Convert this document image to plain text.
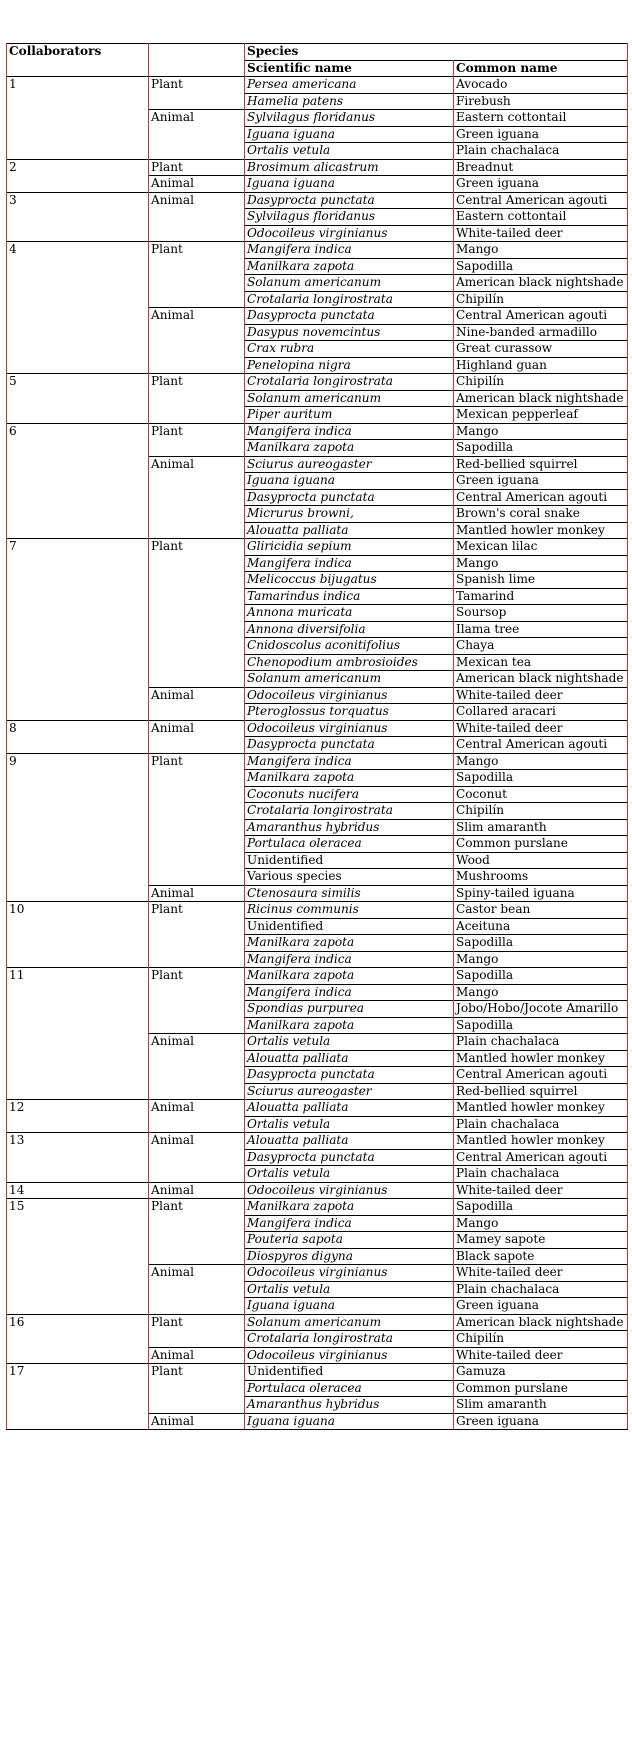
Collaborators		Species	
		Scientific name	Common name
1	Plant	Persea americana	Avocado
		Hamelia patens	Firebush
	Animal	Sylvilagus floridanus	Eastern cottontail
		Iguana iguana	Green iguana
		Ortalis vetula	Plain chachalaca
2	Plant	Brosimum alicastrum	Breadnut
	Animal	Iguana iguana	Green iguana
3	Animal	Dasyprocta punctata	Central American agouti
		Sylvilagus floridanus	Eastern cottontail
		Odocoileus virginianus	White-tailed deer
4	Plant	Mangifera indica	Mango
		Manilkara zapota	Sapodilla
		Solanum americanum	American black nightshade
		Crotalaria longirostrata	Chipilín
	Animal	Dasyprocta punctata	Central American agouti
		Dasypus novemcintus	Nine-banded armadillo
		Crax rubra	Great curassow
		Penelopina nigra	Highland guan
5	Plant	Crotalaria longirostrata	Chipilín
		Solanum americanum	American black nightshade
		Piper auritum	Mexican pepperleaf
6	Plant	Mangifera indica	Mango
		Manilkara zapota	Sapodilla
	Animal	Sciurus aureogaster	Red-bellied squirrel
		Iguana iguana	Green iguana
		Dasyprocta punctata	Central American agouti
		Micrurus browni,	Brown's coral snake
		Alouatta palliata	Mantled howler monkey
7	Plant	Gliricidia sepium	Mexican lilac
		Mangifera indica	Mango
		Melicoccus bijugatus	Spanish lime
		Tamarindus indica	Tamarind
		Annona muricata	Soursop
		Annona diversifolia	Ilama tree
		Cnidoscolus aconitifolius	Chaya
		Chenopodium ambrosioides	Mexican tea
		Solanum americanum	American black nightshade
	Animal	Odocoileus virginianus	White-tailed deer
		Pteroglossus torquatus	Collared aracari
8	Animal	Odocoileus virginianus	White-tailed deer
		Dasyprocta punctata	Central American agouti
9	Plant	Mangifera indica	Mango
		Manilkara zapota	Sapodilla
		Coconuts nucifera	Coconut
		Crotalaria longirostrata	Chipilín
		Amaranthus hybridus	Slim amaranth
		Portulaca oleracea	Common purslane
		Unidentified	Wood
		Various species	Mushrooms
	Animal	Ctenosaura similis	Spiny-tailed iguana
10	Plant	Ricinus communis	Castor bean
		Unidentified	Aceituna
		Manilkara zapota	Sapodilla
		Mangifera indica	Mango
11	Plant	Manilkara zapota	Sapodilla
		Mangifera indica	Mango
		Spondias purpurea	Jobo/Hobo/Jocote Amarillo
		Manilkara zapota	Sapodilla
	Animal	Ortalis vetula	Plain chachalaca
		Alouatta palliata	Mantled howler monkey
		Dasyprocta punctata	Central American agouti
		Sciurus aureogaster	Red-bellied squirrel
12	Animal	Alouatta palliata	Mantled howler monkey
		Ortalis vetula	Plain chachalaca
13	Animal	Alouatta palliata	Mantled howler monkey
		Dasyprocta punctata	Central American agouti
		Ortalis vetula	Plain chachalaca
14	Animal	Odocoileus virginianus	White-tailed deer
15	Plant	Manilkara zapota	Sapodilla
		Mangifera indica	Mango
		Pouteria sapota	Mamey sapote
		Diospyros digyna	Black sapote
	Animal	Odocoileus virginianus	White-tailed deer
		Ortalis vetula	Plain chachalaca
		Iguana iguana	Green iguana
16	Plant	Solanum americanum	American black nightshade
		Crotalaria longirostrata	Chipilín
	Animal	Odocoileus virginianus	White-tailed deer
17	Plant	Unidentified	Gamuza
		Portulaca oleracea	Common purslane
		Amaranthus hybridus	Slim amaranth
	Animal	Iguana iguana	Green iguana
